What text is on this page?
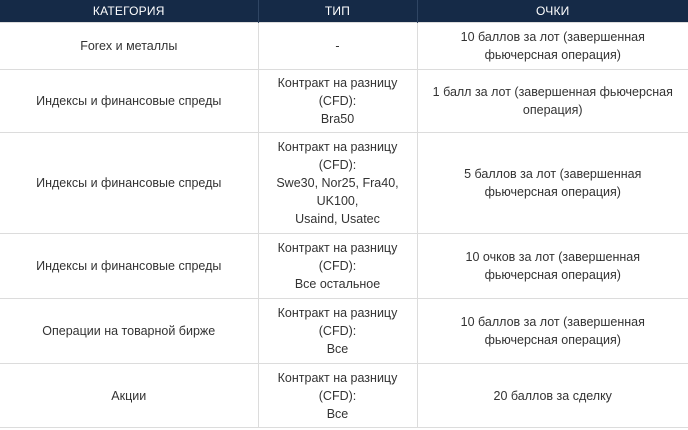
КАТЕГОРИЯ	ТИП	ОЧКИ

Forex и металлы	-	10 баллов за лот (завершенная
фьючерсная операция)

Индексы и финансовые спреды	Контракт на разницу
(CFD):
Bra50	1 балл за лот (завершенная фьючерсная
операция)

Индексы и финансовые спреды	Контракт на разницу
(CFD):
Swe30, Nor25, Fra40,
UK100,
Usaind, Usatec	5 баллов за лот (завершенная
фьючерсная операция)

Индексы и финансовые спреды	Контракт на разницу
(CFD):
Все остальное	10 очков за лот (завершенная
фьючерсная операция)

Операции на товарной бирже	Контракт на разницу
(CFD):
Все	10 баллов за лот (завершенная
фьючерсная операция)

Акции	Контракт на разницу
(CFD):
Все	20 баллов за сделку
